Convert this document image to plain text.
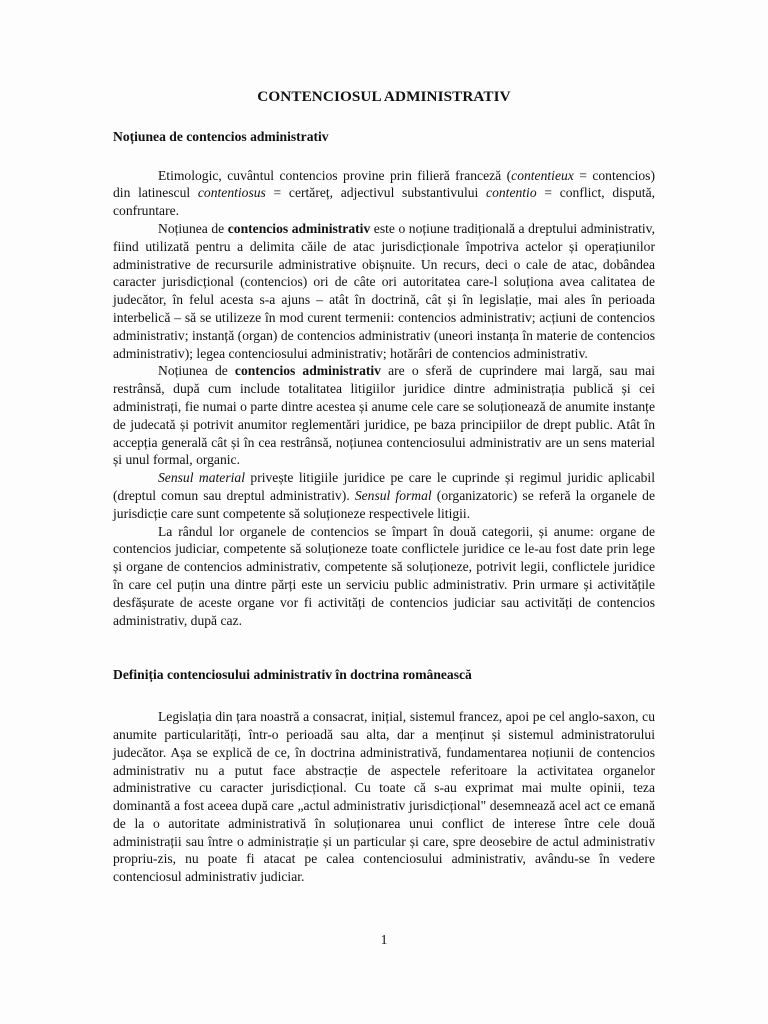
CONTENCIOSUL ADMINISTRATIV
Noțiunea de contencios administrativ

Etimologic, cuvântul contencios provine prin filieră franceză (contentieux = contencios) din latinescul contentiosus = certăreț, adjectivul substantivului contentio = conflict, dispută, confruntare.

Noțiunea de contencios administrativ este o noțiune tradițională a dreptului administrativ, fiind utilizată pentru a delimita căile de atac jurisdicționale împotriva actelor și operațiunilor administrative de recursurile administrative obișnuite. Un recurs, deci o cale de atac, dobândea caracter jurisdicțional (contencios) ori de câte ori autoritatea care-l soluționa avea calitatea de judecător, în felul acesta s-a ajuns – atât în doctrină, cât și în legislație, mai ales în perioada interbelică – să se utilizeze în mod curent termenii: contencios administrativ; acțiuni de contencios administrativ; instanță (organ) de contencios administrativ (uneori instanța în materie de contencios administrativ); legea contenciosului administrativ; hotărâri de contencios administrativ.

Noțiunea de contencios administrativ are o sferă de cuprindere mai largă, sau mai restrânsă, după cum include totalitatea litigiilor juridice dintre administrația publică și cei administrați, fie numai o parte dintre acestea și anume cele care se soluționează de anumite instanțe de judecată și potrivit anumitor reglementări juridice, pe baza principiilor de drept public. Atât în accepția generală cât și în cea restrânsă, noțiunea contenciosului administrativ are un sens material și unul formal, organic.

Sensul material privește litigiile juridice pe care le cuprinde și regimul juridic aplicabil (dreptul comun sau dreptul administrativ). Sensul formal (organizatoric) se referă la organele de jurisdicție care sunt competente să soluționeze respectivele litigii.

La rândul lor organele de contencios se împart în două categorii, și anume: organe de contencios judiciar, competente să soluționeze toate conflictele juridice ce le-au fost date prin lege și organe de contencios administrativ, competente să soluționeze, potrivit legii, conflictele juridice în care cel puțin una dintre părți este un serviciu public administrativ. Prin urmare și activitățile desfășurate de aceste organe vor fi activități de contencios judiciar sau activități de contencios administrativ, după caz.

Definiția contenciosului administrativ în doctrina românească

Legislația din țara noastră a consacrat, inițial, sistemul francez, apoi pe cel anglo-saxon, cu anumite particularități, într-o perioadă sau alta, dar a menținut și sistemul administratorului judecător. Așa se explică de ce, în doctrina administrativă, fundamentarea noțiunii de contencios administrativ nu a putut face abstracție de aspectele referitoare la activitatea organelor administrative cu caracter jurisdicțional. Cu toate că s-au exprimat mai multe opinii, teza dominantă a fost aceea după care „actul administrativ jurisdicțional" desemnează acel act ce emană de la o autoritate administrativă în soluționarea unui conflict de interese între cele două administrații sau între o administrație și un particular și care, spre deosebire de actul administrativ propriu-zis, nu poate fi atacat pe calea contenciosului administrativ, avându-se în vedere contenciosul administrativ judiciar.

1
